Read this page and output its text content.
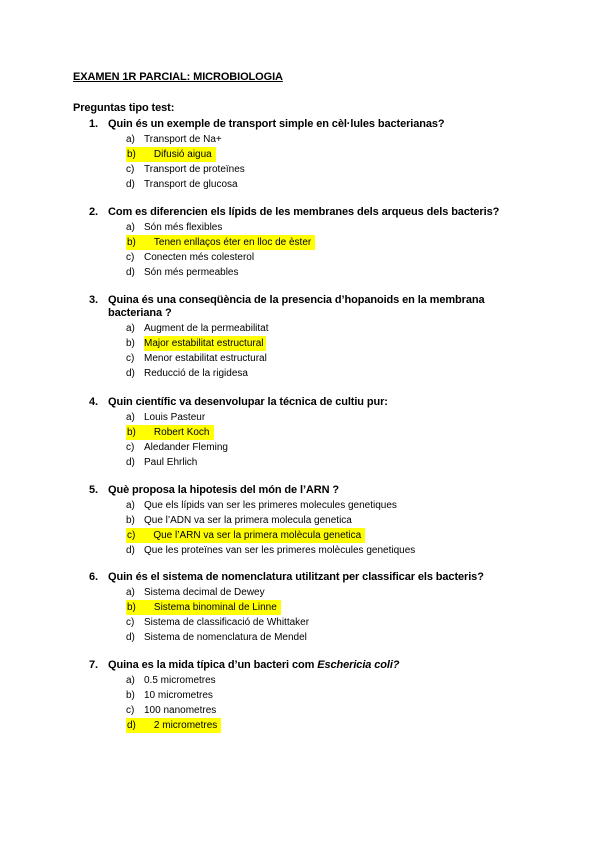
EXAMEN 1R PARCIAL: MICROBIOLOGIA
Preguntas tipo test:
1. Quin és un exemple de transport simple en cèl·lules bacterianas?
a) Transport de Na+
b) Difusió aigua
c) Transport de proteïnes
d) Transport de glucosa
2. Com es diferencien els lípids de les membranes dels arqueus dels bacteris?
a) Són més flexibles
b) Tenen enllaços éter en lloc de èster
c) Conecten més colesterol
d) Són més permeables
3. Quina és una conseqüència de la presencia d’hopanoids en la membrana bacteriana ?
a) Augment de la permeabilitat
b) Major estabilitat estructural
c) Menor estabilitat estructural
d) Reducció de la rigidesa
4. Quin científic va desenvolupar la técnica de cultiu pur:
a) Louis Pasteur
b) Robert Koch
c) Aledander Fleming
d) Paul Ehrlich
5. Què proposa la hipotesis del món de l’ARN ?
a) Que els lípids van ser les primeres molecules genetiques
b) Que l’ADN va ser la primera molecula genetica
c) Que l’ARN va ser la primera molècula genetica
d) Que les proteïnes van ser les primeres molècules genetiques
6. Quin és el sistema de nomenclatura utilitzant per classificar els bacteris?
a) Sistema decimal de Dewey
b) Sistema binominal de Linne
c) Sistema de classificació de Whittaker
d) Sistema de nomenclatura de Mendel
7. Quina es la mida típica d’un bacteri com Eschericia coli?
a) 0.5 micrometres
b) 10 micrometres
c) 100 nanometres
d) 2 micrometres
